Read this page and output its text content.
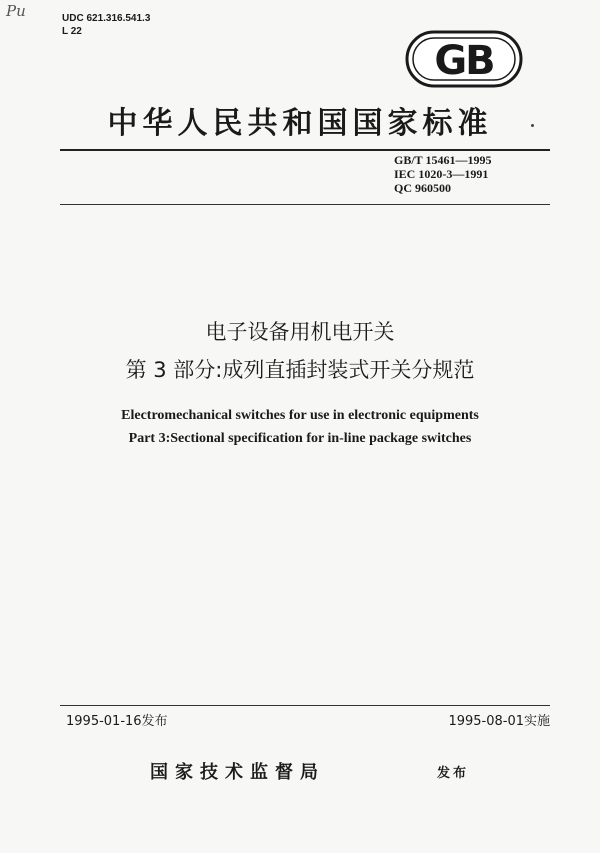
Pu	UDC 621.316.541.3
L 22
GB
中华人民共和国国家标准
GB/T 15461—1995
IEC 1020-3—1991
QC 960500
电子设备用机电开关
第 3 部分:成列直插封装式开关分规范
Electromechanical switches for use in electronic equipments
Part 3:Sectional specification for in-line package switches
1995-01-16发布	1995-08-01实施
国家技术监督局	发布
